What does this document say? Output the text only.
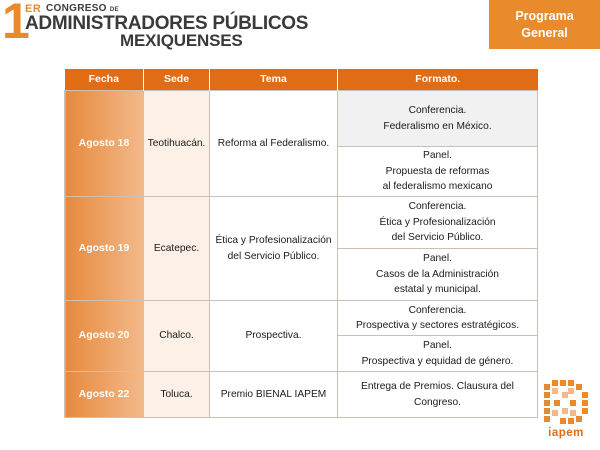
1
ER CONGRESO DE
ADMINISTRADORES PÚBLICOS
MEXIQUENSES
Programa
General
Fecha	Sede	Tema	Formato.
Agosto 18	Teotihuacán.	Reforma al Federalismo.	Conferencia.
Federalismo en México.

			Panel.
Propuesta de reformas
al federalismo mexicano

Agosto 19	Ecatepec.	Ética y Profesionalización
del Servicio Público.	Conferencia.
Ética y Profesionalización
del Servicio Público.

			Panel.
Casos de la Administración
estatal y municipal.

Agosto 20	Chalco.	Prospectiva.	Conferencia.
Prospectiva y sectores estratégicos.

			Panel.
Prospectiva y equidad de género.

Agosto 22	Toluca.	Premio BIENAL IAPEM	Entrega de Premios. Clausura del Congreso.
iapem
